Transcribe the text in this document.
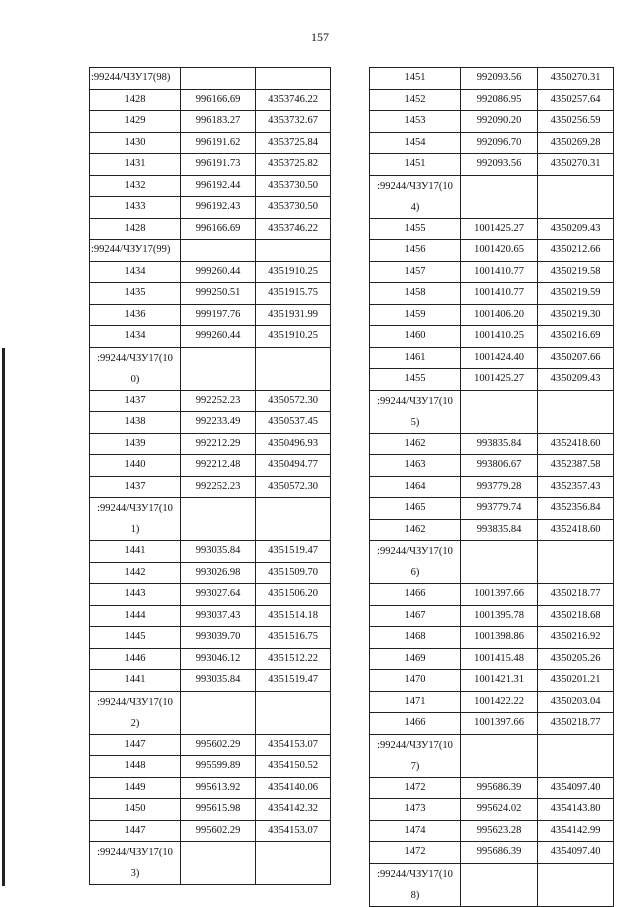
157
:99244/ЧЗУ17(98)		
1428	996166.69	4353746.22
1429	996183.27	4353732.67
1430	996191.62	4353725.84
1431	996191.73	4353725.82
1432	996192.44	4353730.50
1433	996192.43	4353730.50
1428	996166.69	4353746.22
:99244/ЧЗУ17(99)		
1434	999260.44	4351910.25
1435	999250.51	4351915.75
1436	999197.76	4351931.99
1434	999260.44	4351910.25

:99244/ЧЗУ17(10
0)		

1437	992252.23	4350572.30
1438	992233.49	4350537.45
1439	992212.29	4350496.93
1440	992212.48	4350494.77
1437	992252.23	4350572.30

:99244/ЧЗУ17(10
1)		

1441	993035.84	4351519.47
1442	993026.98	4351509.70
1443	993027.64	4351506.20
1444	993037.43	4351514.18
1445	993039.70	4351516.75
1446	993046.12	4351512.22
1441	993035.84	4351519.47

:99244/ЧЗУ17(10
2)		

1447	995602.29	4354153.07
1448	995599.89	4354150.52
1449	995613.92	4354140.06
1450	995615.98	4354142.32
1447	995602.29	4354153.07

:99244/ЧЗУ17(10
3)		

1451	992093.56	4350270.31
1452	992086.95	4350257.64
1453	992090.20	4350256.59
1454	992096.70	4350269.28
1451	992093.56	4350270.31

:99244/ЧЗУ17(10
4)		

1455	1001425.27	4350209.43
1456	1001420.65	4350212.66
1457	1001410.77	4350219.58
1458	1001410.77	4350219.59
1459	1001406.20	4350219.30
1460	1001410.25	4350216.69
1461	1001424.40	4350207.66
1455	1001425.27	4350209.43

:99244/ЧЗУ17(10
5)		

1462	993835.84	4352418.60
1463	993806.67	4352387.58
1464	993779.28	4352357.43
1465	993779.74	4352356.84
1462	993835.84	4352418.60

:99244/ЧЗУ17(10
6)		

1466	1001397.66	4350218.77
1467	1001395.78	4350218.68
1468	1001398.86	4350216.92
1469	1001415.48	4350205.26
1470	1001421.31	4350201.21
1471	1001422.22	4350203.04
1466	1001397.66	4350218.77

:99244/ЧЗУ17(10
7)		

1472	995686.39	4354097.40
1473	995624.02	4354143.80
1474	995623.28	4354142.99
1472	995686.39	4354097.40

:99244/ЧЗУ17(10
8)		
